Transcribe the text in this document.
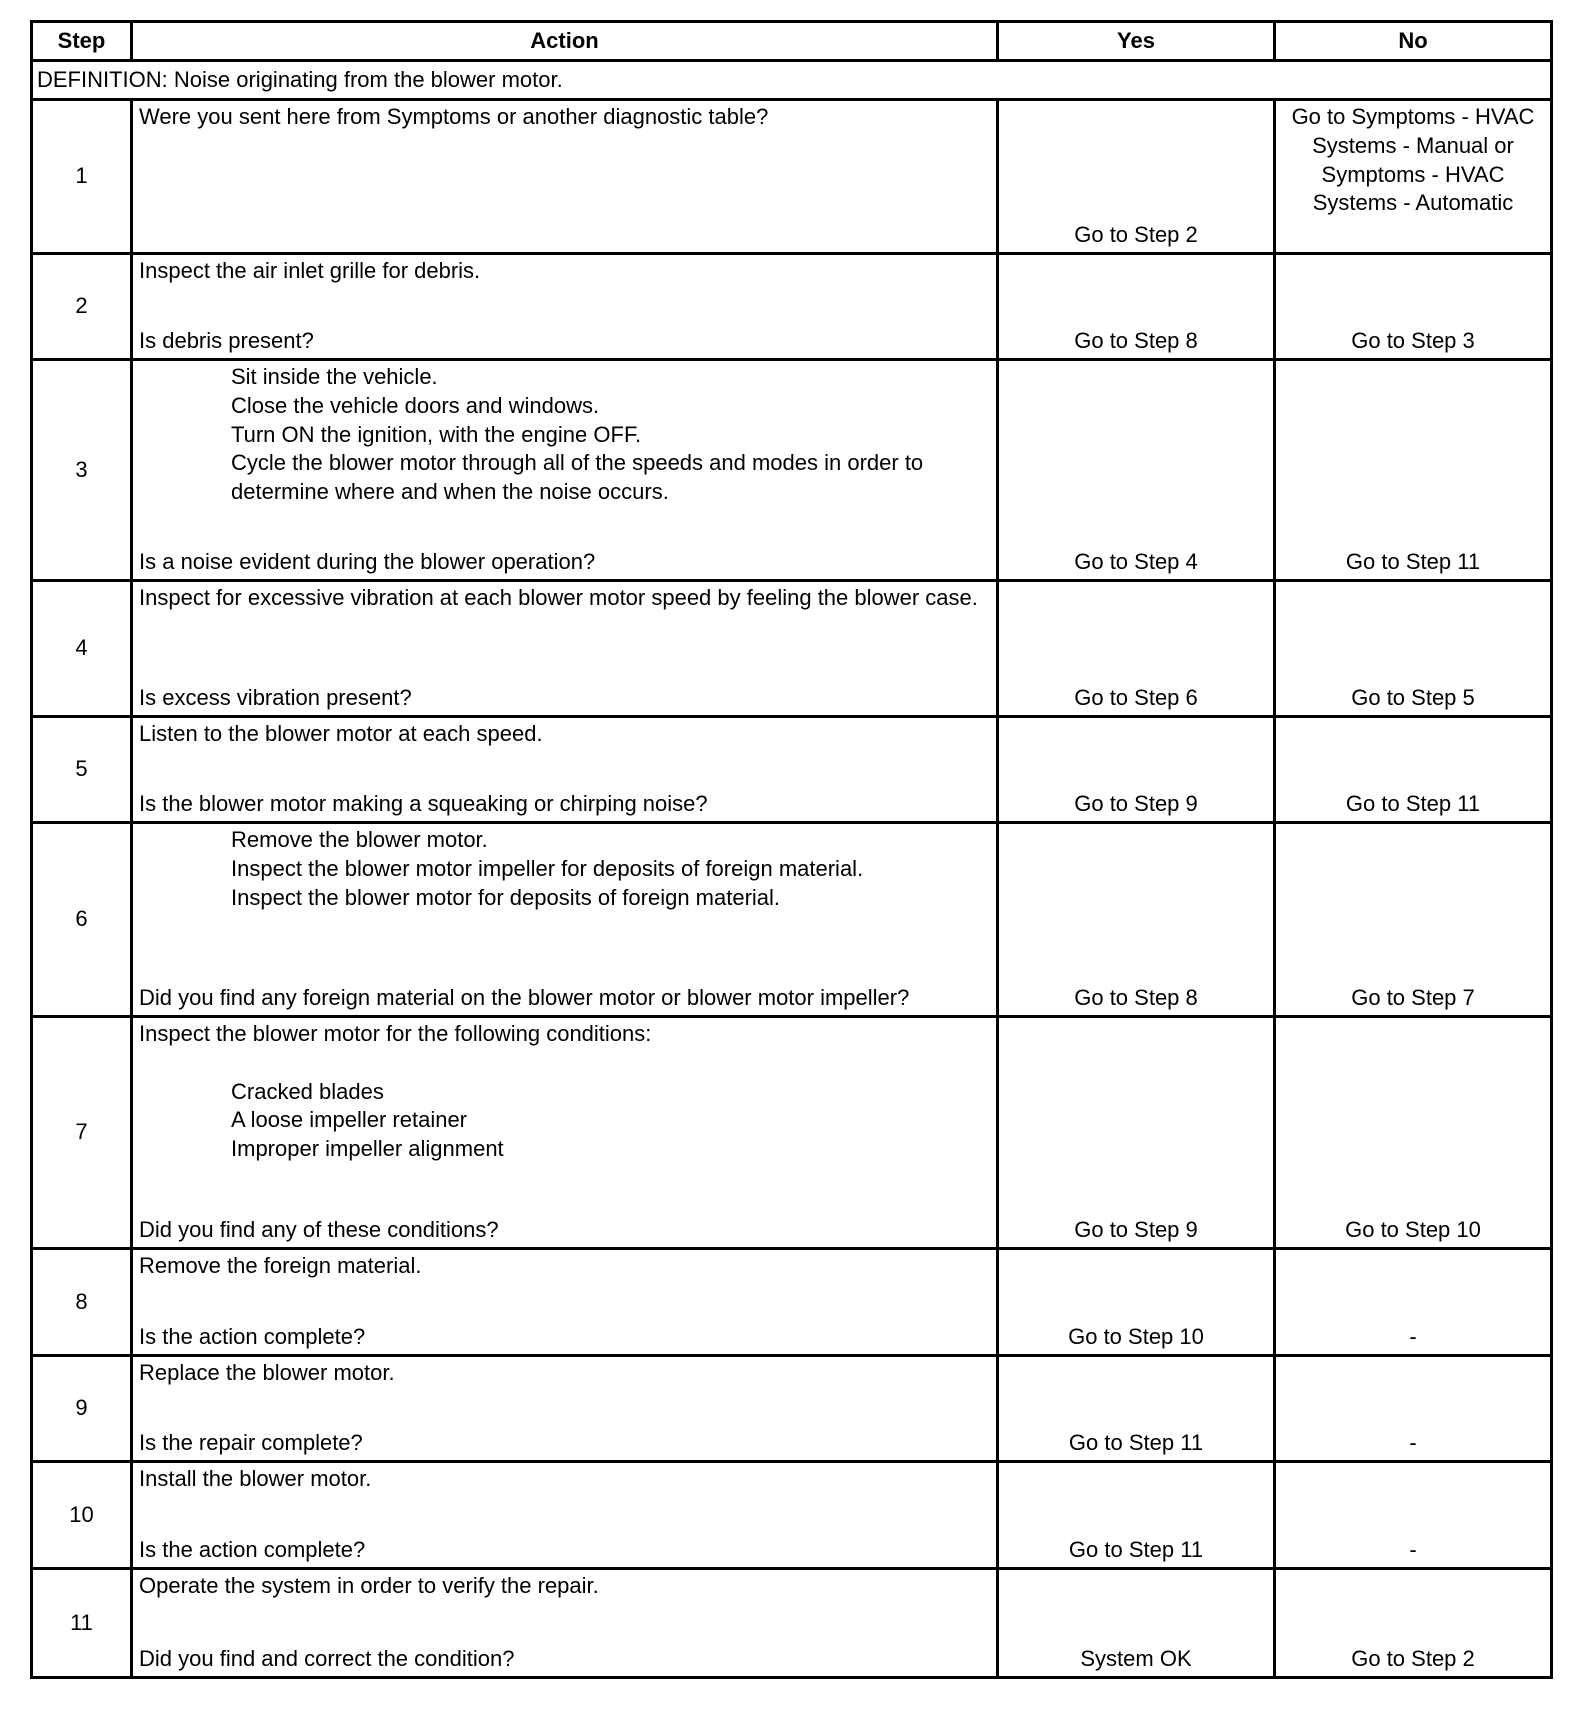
Step	Action	Yes	No
DEFINITION: Noise originating from the blower motor.			
1	Were you sent here from Symptoms or another diagnostic table?	Go to Step 2	Go to Symptoms - HVAC Systems - Manual or Symptoms - HVAC Systems - Automatic
2	Inspect the air inlet grille for debris.
Is debris present?	Go to Step 8	Go to Step 3
3	Sit inside the vehicle.
Close the vehicle doors and windows.
Turn ON the ignition, with the engine OFF.
Cycle the blower motor through all of the speeds and modes in order to determine where and when the noise occurs.
Is a noise evident during the blower operation?	Go to Step 4	Go to Step 11
4	Inspect for excessive vibration at each blower motor speed by feeling the blower case.
Is excess vibration present?	Go to Step 6	Go to Step 5
5	Listen to the blower motor at each speed.
Is the blower motor making a squeaking or chirping noise?	Go to Step 9	Go to Step 11
6	Remove the blower motor.
Inspect the blower motor impeller for deposits of foreign material.
Inspect the blower motor for deposits of foreign material.
Did you find any foreign material on the blower motor or blower motor impeller?	Go to Step 8	Go to Step 7
7	Inspect the blower motor for the following conditions:
Cracked blades
A loose impeller retainer
Improper impeller alignment
Did you find any of these conditions?	Go to Step 9	Go to Step 10
8	Remove the foreign material.
Is the action complete?	Go to Step 10	-
9	Replace the blower motor.
Is the repair complete?	Go to Step 11	-
10	Install the blower motor.
Is the action complete?	Go to Step 11	-
11	Operate the system in order to verify the repair.
Did you find and correct the condition?	System OK	Go to Step 2
